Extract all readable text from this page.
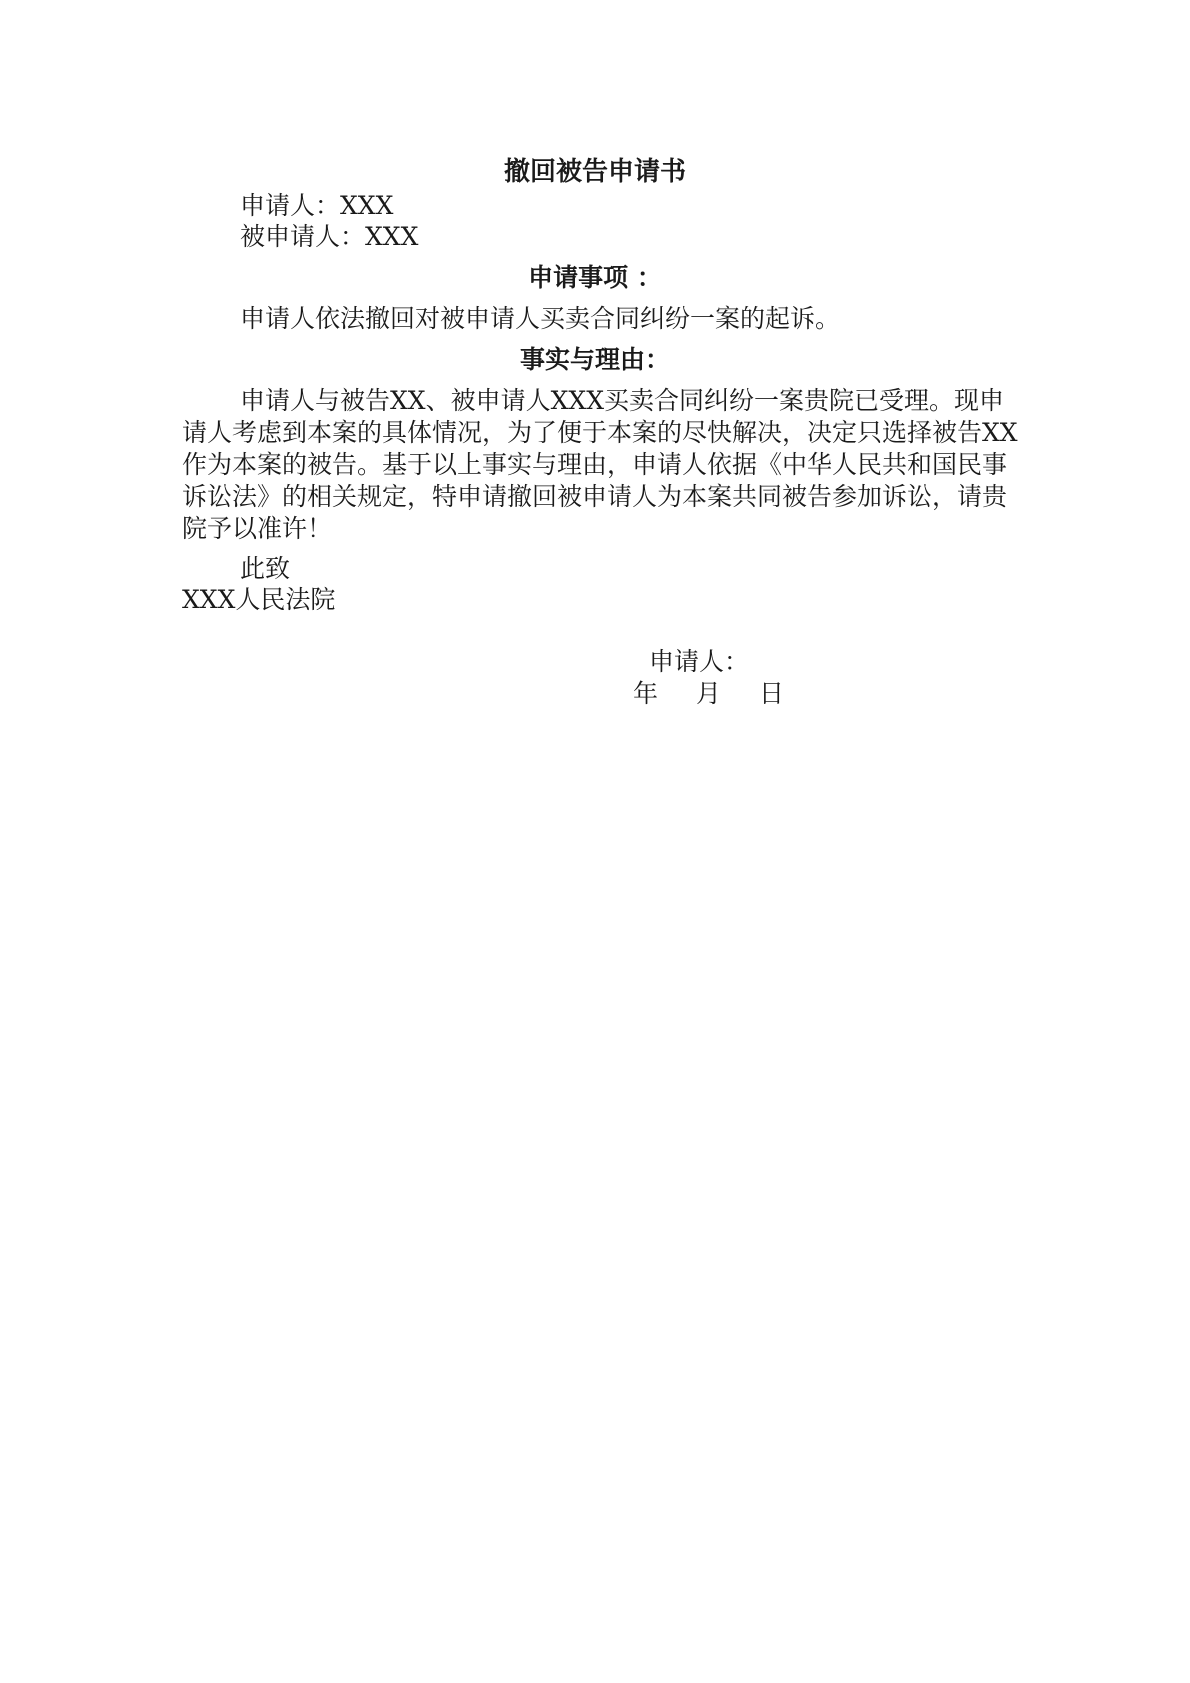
撤回被告申请书
申请人：XXX
被申请人：XXX
申请事项 ：
申请人依法撤回对被申请人买卖合同纠纷一案的起诉。
事实与理由：
申请人与被告XX、被申请人XXX买卖合同纠纷一案贵院已受理。现申请人考虑到本案的具体情况，为了便于本案的尽快解决，决定只选择被告XX作为本案的被告。基于以上事实与理由，申请人依据《中华人民共和国民事诉讼法》的相关规定，特申请撤回被申请人为本案共同被告参加诉讼，请贵院予以准许！
此致
XXX人民法院
申请人：
年 月 日
